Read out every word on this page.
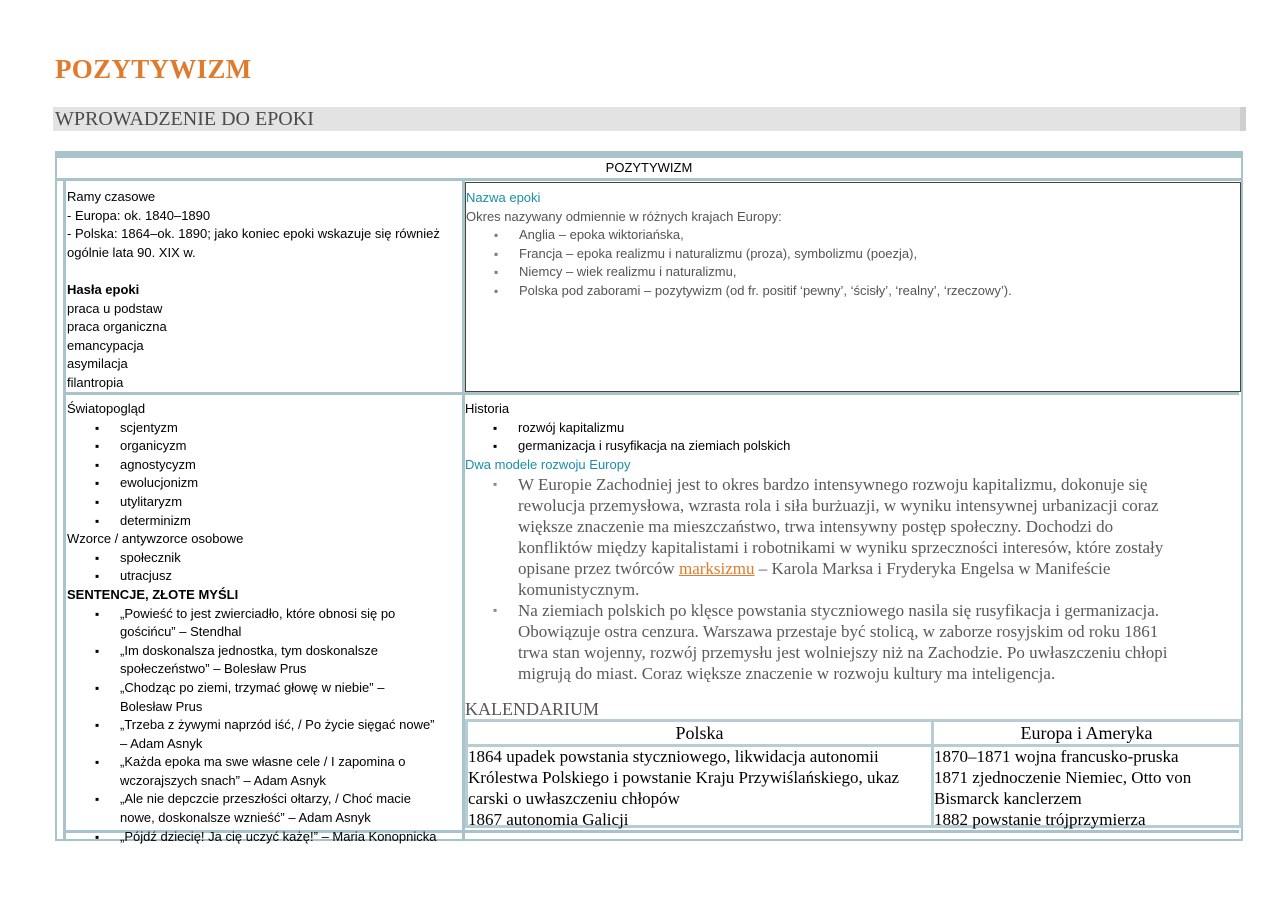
POZYTYWIZM
WPROWADZENIE DO EPOKI
POZYTYWIZM

Ramy czasowe

- Europa: ok. 1840–1890

- Polska: 1864–ok. 1890; jako koniec epoki wskazuje się również

ogólnie lata 90. XIX w.

Hasła epoki

praca u podstaw

praca organiczna

emancypacja

asymilacja

filantropia

Nazwa epoki

Okres nazywany odmiennie w różnych krajach Europy:

▪ Anglia – epoka wiktoriańska,
▪ Francja – epoka realizmu i naturalizmu (proza), symbolizmu (poezja),
▪ Niemcy – wiek realizmu i naturalizmu,
▪ Polska pod zaborami – pozytywizm (od fr. positif ‘pewny’, ‘ścisły’, ‘realny’, ‘rzeczowy’).

Światopogląd

▪ scjentyzm
▪ organicyzm
▪ agnostycyzm
▪ ewolucjonizm
▪ utylitaryzm
▪ determinizm

Wzorce / antywzorce osobowe

▪ społecznik
▪ utracjusz

SENTENCJE, ZŁOTE MYŚLI

▪ „Powieść to jest zwierciadło, które obnosi się po
gościńcu” – Stendhal
▪ „Im doskonalsza jednostka, tym doskonalsze
społeczeństwo” – Bolesław Prus
▪ „Chodząc po ziemi, trzymać głowę w niebie” –
Bolesław Prus
▪ „Trzeba z żywymi naprzód iść, / Po życie sięgać nowe”
– Adam Asnyk
▪ „Każda epoka ma swe własne cele / I zapomina o
wczorajszych snach” – Adam Asnyk
▪ „Ale nie depczcie przeszłości ołtarzy, / Choć macie
nowe, doskonalsze wznieść” – Adam Asnyk
▪ „Pójdź dziecię! Ja cię uczyć każę!” – Maria Konopnicka

Historia

▪ rozwój kapitalizmu
▪ germanizacja i rusyfikacja na ziemiach polskich

Dwa modele rozwoju Europy

▪ W Europie Zachodniej jest to okres bardzo intensywnego rozwoju kapitalizmu, dokonuje się
rewolucja przemysłowa, wzrasta rola i siła burżuazji, w wyniku intensywnej urbanizacji coraz
większe znaczenie ma mieszczaństwo, trwa intensywny postęp społeczny. Dochodzi do
konfliktów między kapitalistami i robotnikami w wyniku sprzeczności interesów, które zostały
opisane przez twórców marksizmu – Karola Marksa i Fryderyka Engelsa w Manifeście
komunistycznym.
▪ Na ziemiach polskich po klęsce powstania styczniowego nasila się rusyfikacja i germanizacja.
Obowiązuje ostra cenzura. Warszawa przestaje być stolicą, w zaborze rosyjskim od roku 1861
trwa stan wojenny, rozwój przemysłu jest wolniejszy niż na Zachodzie. Po uwłaszczeniu chłopi
migrują do miast. Coraz większe znaczenie w rozwoju kultury ma inteligencja.
KALENDARIUM
Polska	Europa i Ameryka
1864 upadek powstania styczniowego, likwidacja autonomii
Królestwa Polskiego i powstanie Kraju Przywiślańskiego, ukaz
carski o uwłaszczeniu chłopów
1867 autonomia Galicji
1870–1871 wojna francusko-pruska
1871 zjednoczenie Niemiec, Otto von
Bismarck kanclerzem
1882 powstanie trójprzymierza
